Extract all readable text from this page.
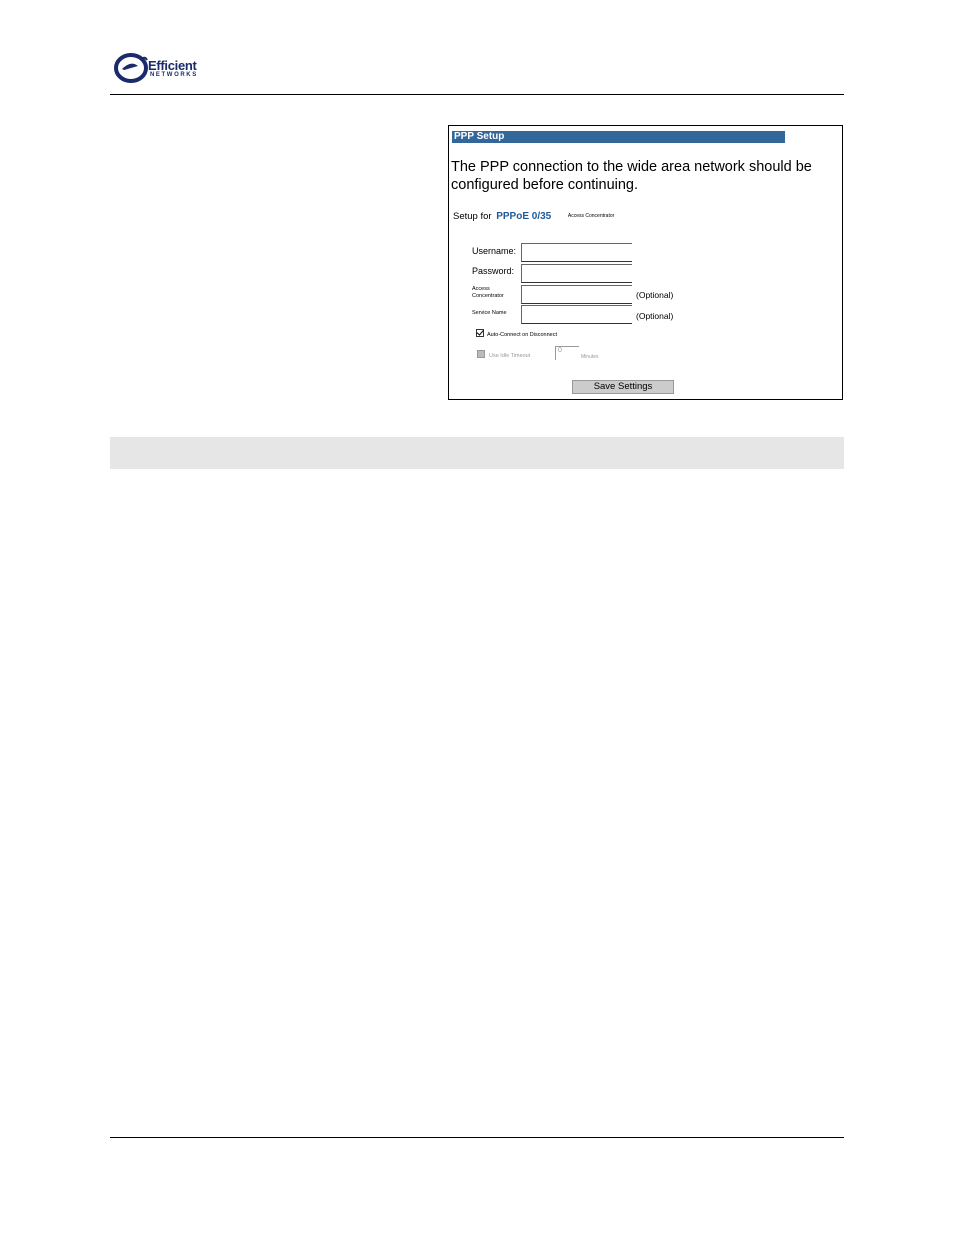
Efficient
NETWORKS
PPP Setup
The PPP connection to the wide area network should be configured before continuing.
Setup for PPPoE 0/35	Access Concentrator
Username:
Password:
Access
Concentrator	(Optional)
Service Name	(Optional)
Auto-Connect on Disconnect
Use Idle Timeout
0
Minutes
Save Settings
